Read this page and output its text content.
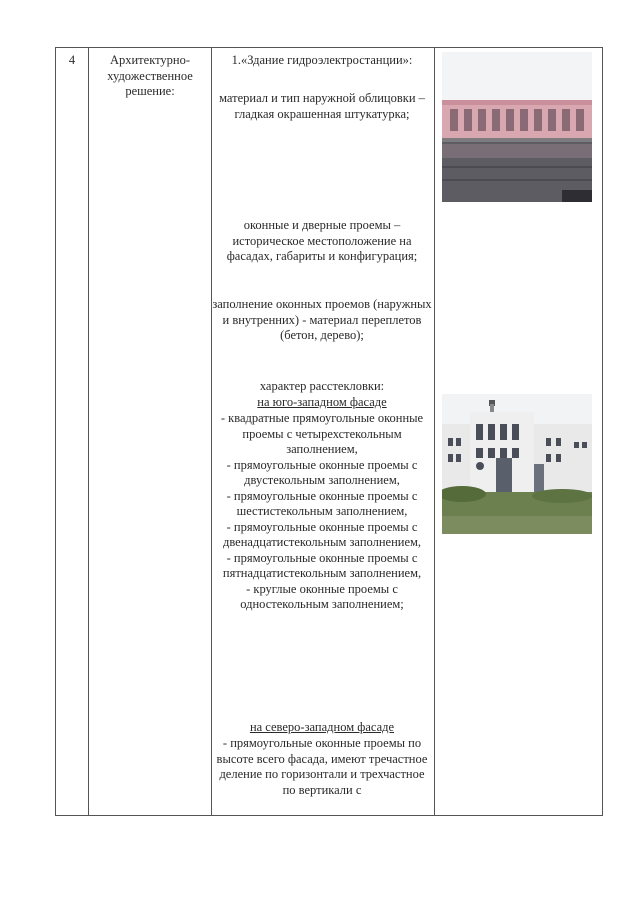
4	Архитектурно-художественное решение:
1.«Здание гидроэлектростанции»:
материал и тип наружной облицовки – гладкая окрашенная штукатурка;
оконные и дверные проемы – историческое местоположение на фасадах, габариты и конфигурация;
заполнение оконных проемов (наружных и внутренних) - материал переплетов (бетон, дерево);
характер расстекловки:
на юго-западном фасаде
- квадратные прямоугольные оконные проемы с четырехстекольным заполнением,
- прямоугольные оконные проемы с двустекольным заполнением,
- прямоугольные оконные проемы с шестистекольным заполнением,
- прямоугольные оконные проемы с двенадцатистекольным заполнением,
- прямоугольные оконные проемы с пятнадцатистекольным заполнением,
- круглые оконные проемы с одностекольным заполнением;
на северо-западном фасаде
- прямоугольные оконные проемы по высоте всего фасада, имеют тречастное деление по горизонтали и трехчастное по вертикали с
